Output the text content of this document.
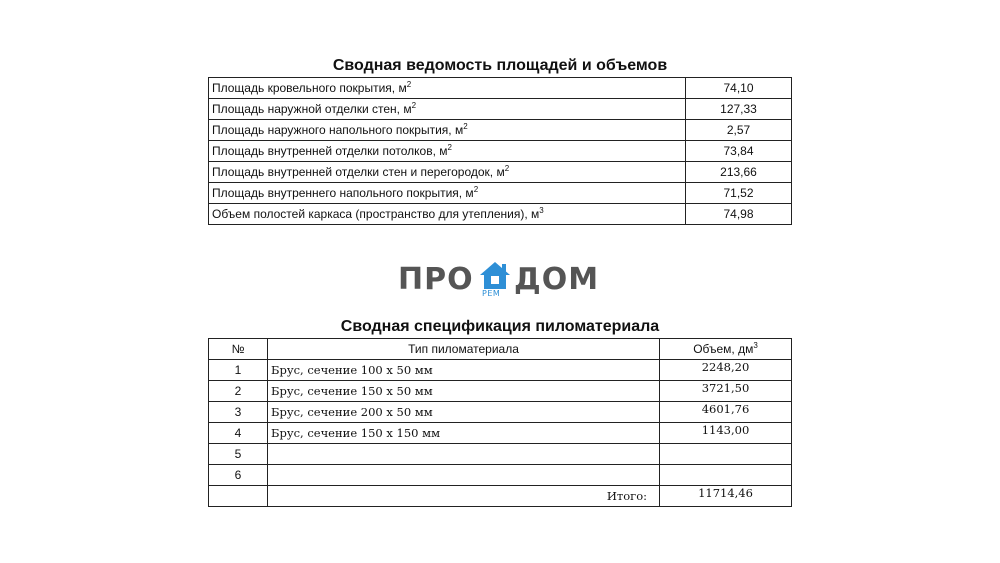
Сводная ведомость площадей и объемов
Площадь кровельного покрытия, $м^2$	74,10
Площадь наружной отделки стен, $м^2$	127,33
Площадь наружного напольного покрытия, $м^2$	2,57
Площадь внутренней отделки потолков, $м^2$	73,84
Площадь внутренней отделки стен и перегородок, $м^2$	213,66
Площадь внутреннего напольного покрытия, $м^2$	71,52
Объем полостей каркаса (пространство для утепления), $м^3$	74,98
ПРО РЕМ ДОМ
Сводная спецификация пиломатериала
№	Тип пиломатериала	Объем, $дм^3$
1	Брус, сечение 100 х 50 мм	2248,20
2	Брус, сечение 150 х 50 мм	3721,50
3	Брус, сечение 200 х 50 мм	4601,76
4	Брус, сечение 150 х 150 мм	1143,00
5		
6		
	Итого:	11714,46
